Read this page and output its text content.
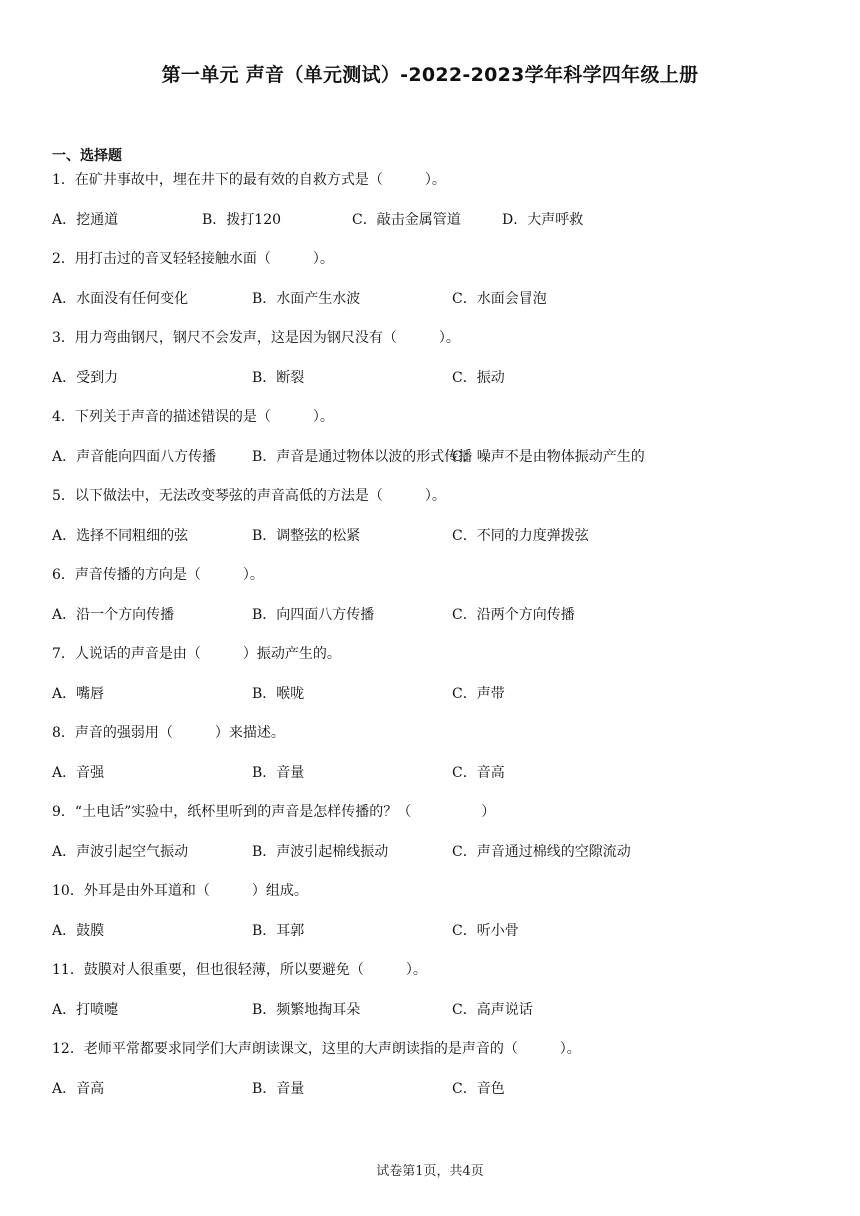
第一单元 声音（单元测试）-2022-2023学年科学四年级上册
一、选择题
1．在矿井事故中，埋在井下的最有效的自救方式是（　　　）。
A．挖通道	B．拨打120	C．敲击金属管道	D．大声呼救
2．用打击过的音叉轻轻接触水面（　　　）。
A．水面没有任何变化	B．水面产生水波	C．水面会冒泡
3．用力弯曲钢尺，钢尺不会发声，这是因为钢尺没有（　　　）。
A．受到力	B．断裂	C．振动
4．下列关于声音的描述错误的是（　　　）。
A．声音能向四面八方传播	B．声音是通过物体以波的形式传播
C．噪声不是由物体振动产生的
5．以下做法中，无法改变琴弦的声音高低的方法是（　　　）。
A．选择不同粗细的弦	B．调整弦的松紧	C．不同的力度弹拨弦
6．声音传播的方向是（　　　）。
A．沿一个方向传播	B．向四面八方传播	C．沿两个方向传播
7．人说话的声音是由（　　　）振动产生的。
A．嘴唇	B．喉咙	C．声带
8．声音的强弱用（　　　）来描述。
A．音强	B．音量	C．音高
9．“土电话”实验中，纸杯里听到的声音是怎样传播的？（　　　　　）
A．声波引起空气振动	B．声波引起棉线振动	C．声音通过棉线的空隙流动
10．外耳是由外耳道和（　　　）组成。
A．鼓膜	B．耳郭	C．听小骨
11．鼓膜对人很重要，但也很轻薄，所以要避免（　　　）。
A．打喷嚏	B．频繁地掏耳朵	C．高声说话
12．老师平常都要求同学们大声朗读课文，这里的大声朗读指的是声音的（　　　）。
A．音高	B．音量	C．音色
试卷第1页，共4页
